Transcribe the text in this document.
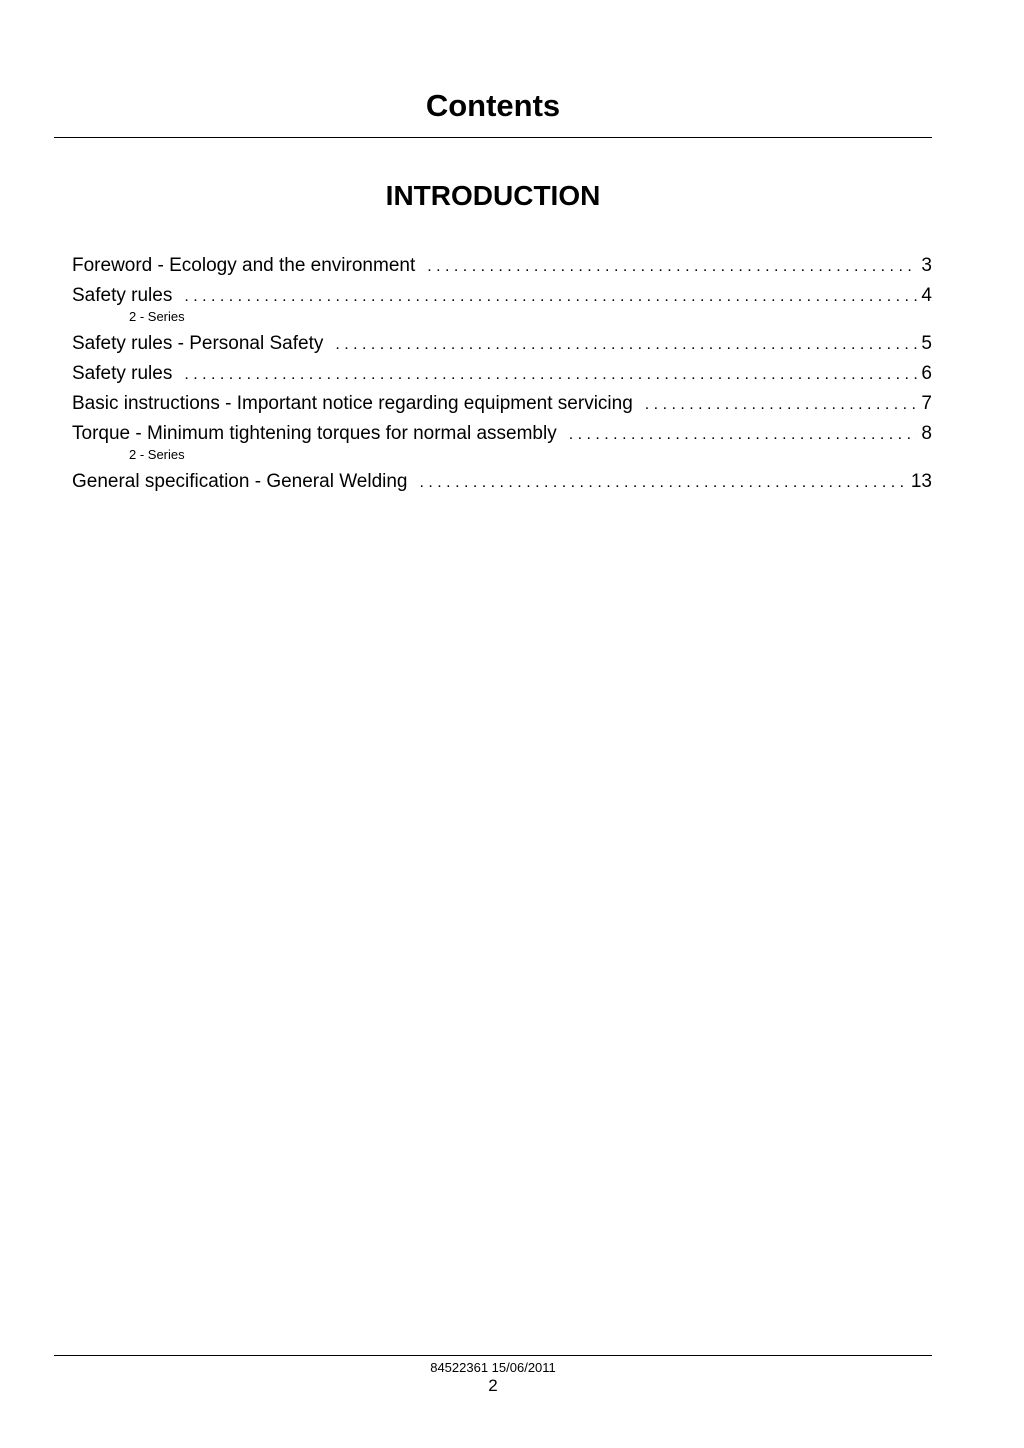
Contents
INTRODUCTION
Foreword - Ecology and the environment . . .	3
Safety rules . . .	4
2 - Series
Safety rules - Personal Safety . . .	5
Safety rules . . .	6
Basic instructions - Important notice regarding equipment servicing . . .	7
Torque - Minimum tightening torques for normal assembly . . .	8
2 - Series
General specification - General Welding . . .	13
84522361 15/06/2011
2
